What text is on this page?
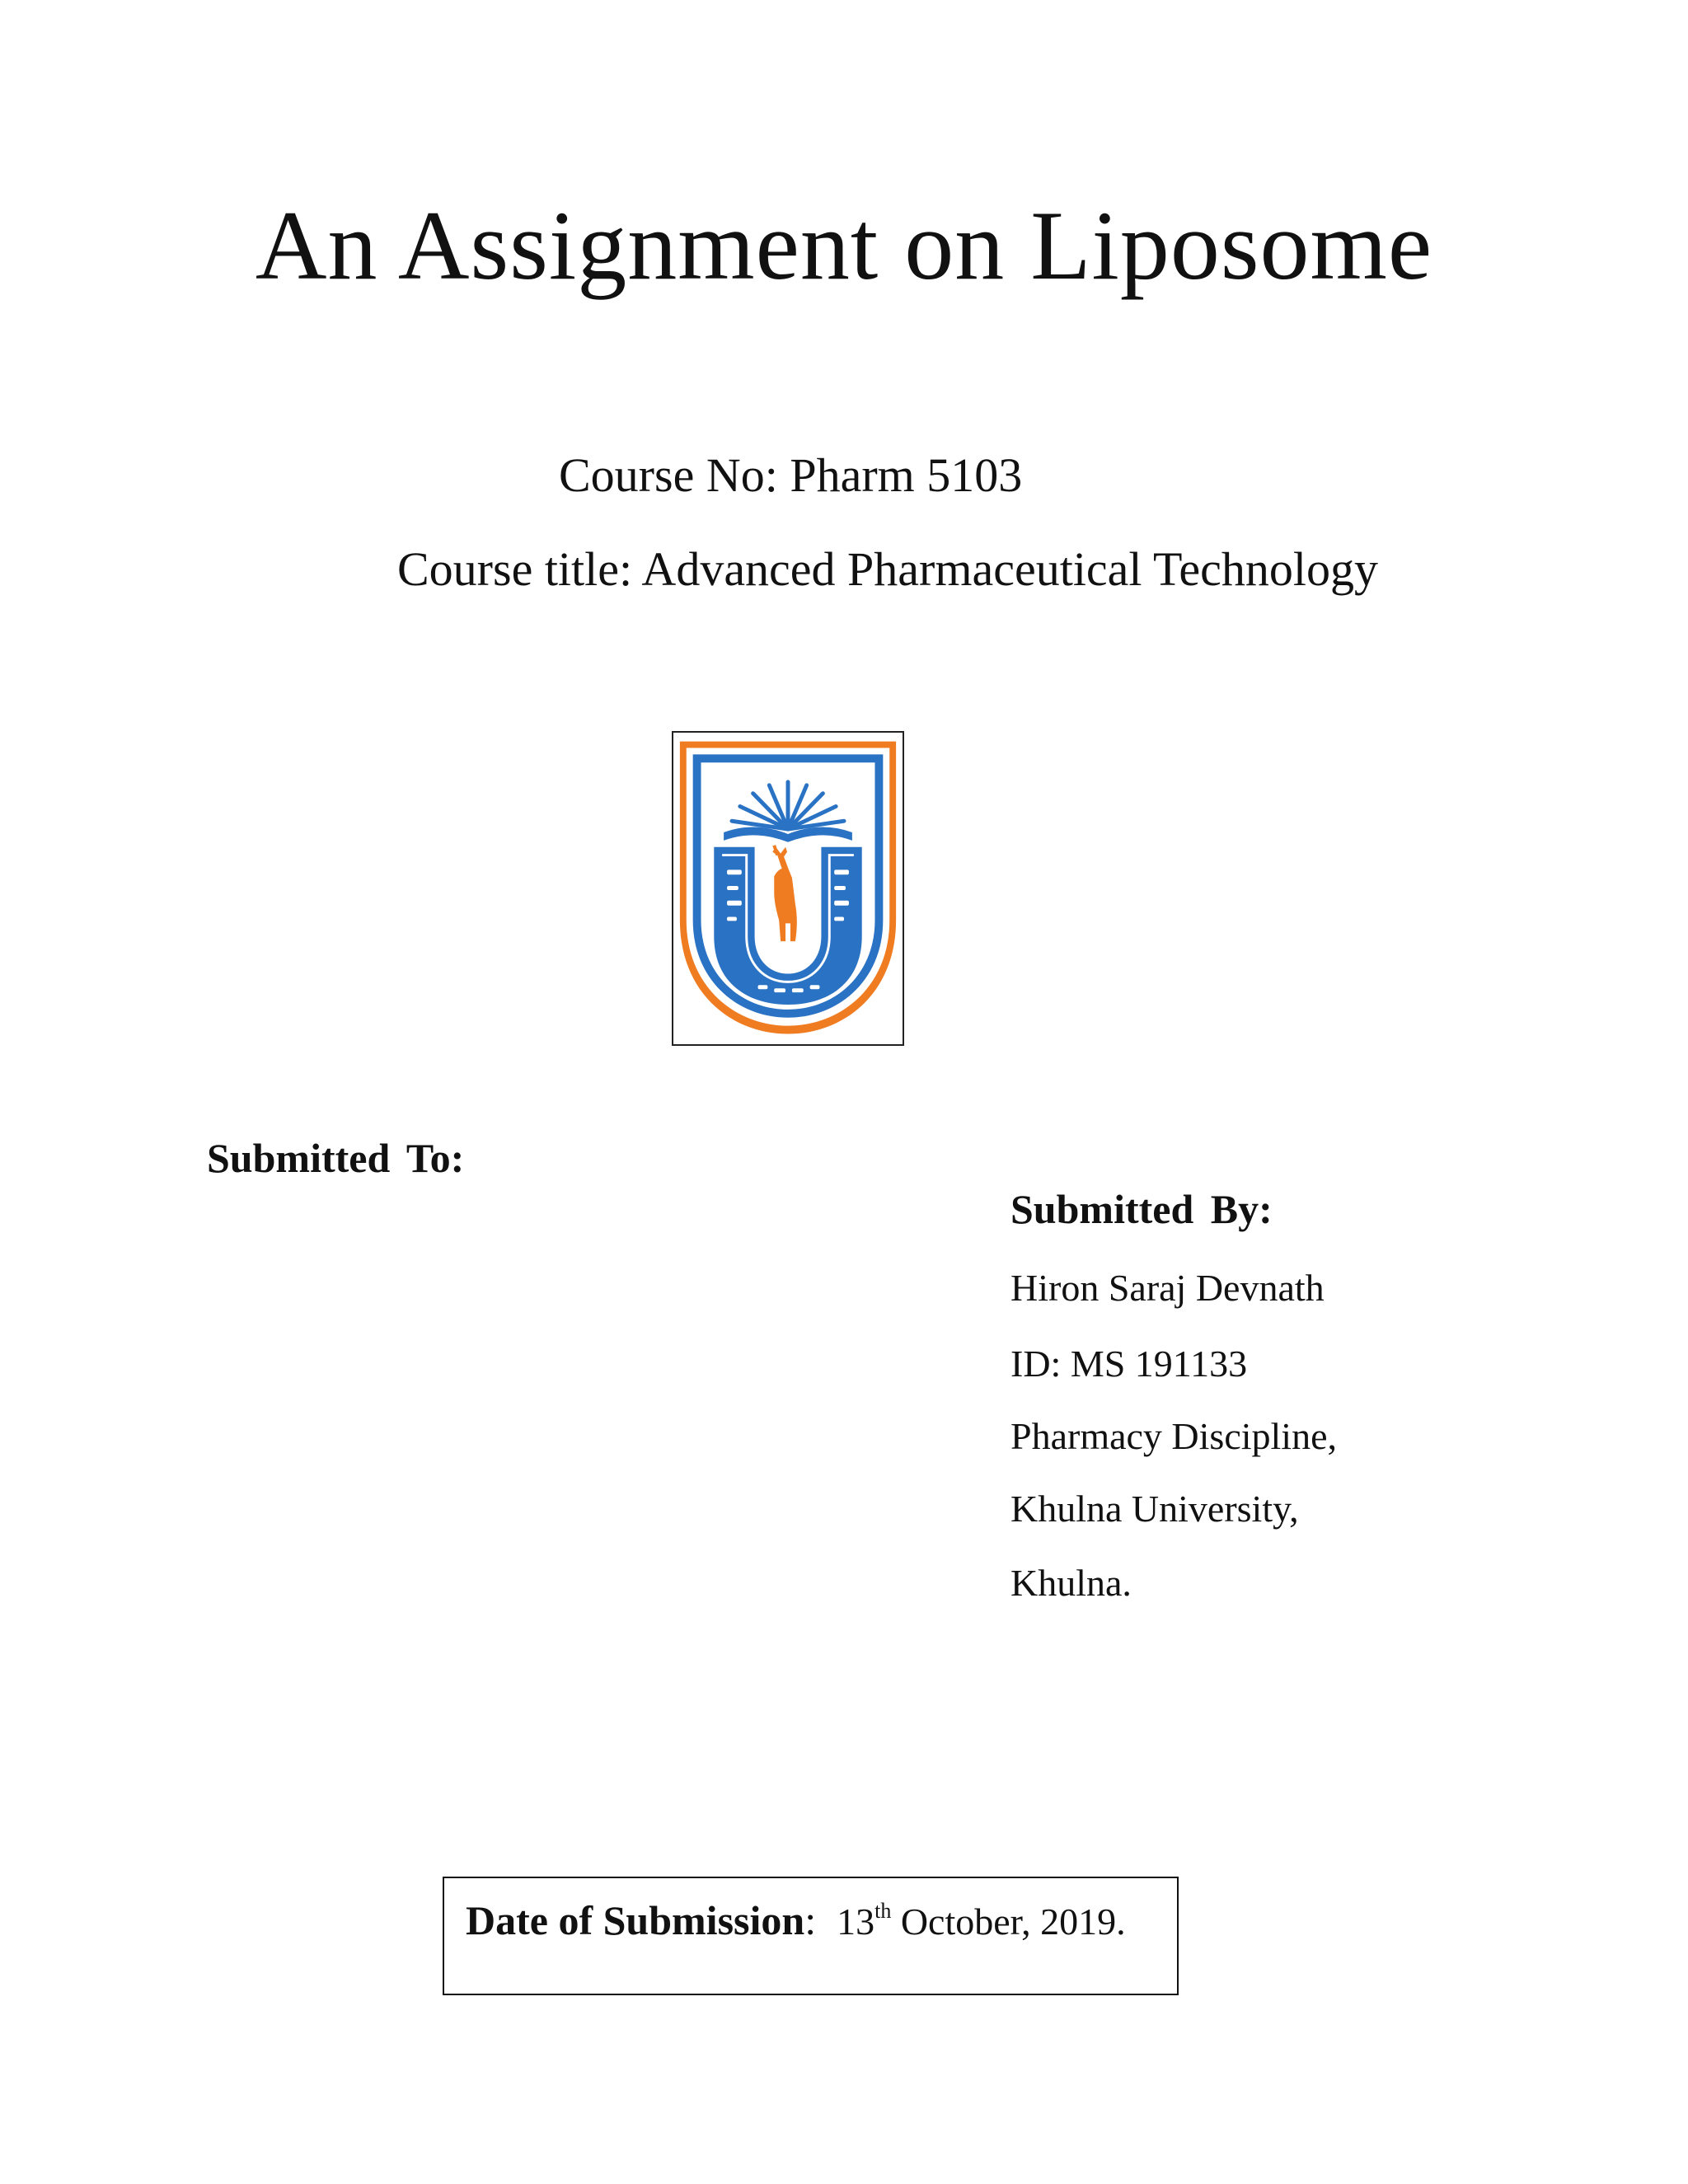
An Assignment on Liposome
Course No: Pharm 5103
Course title: Advanced Pharmaceutical Technology
Submitted To:
Submitted By:
Hiron Saraj Devnath
ID: MS 191133
Pharmacy Discipline,
Khulna University,
Khulna.
Date of Submission: 13th October, 2019.
